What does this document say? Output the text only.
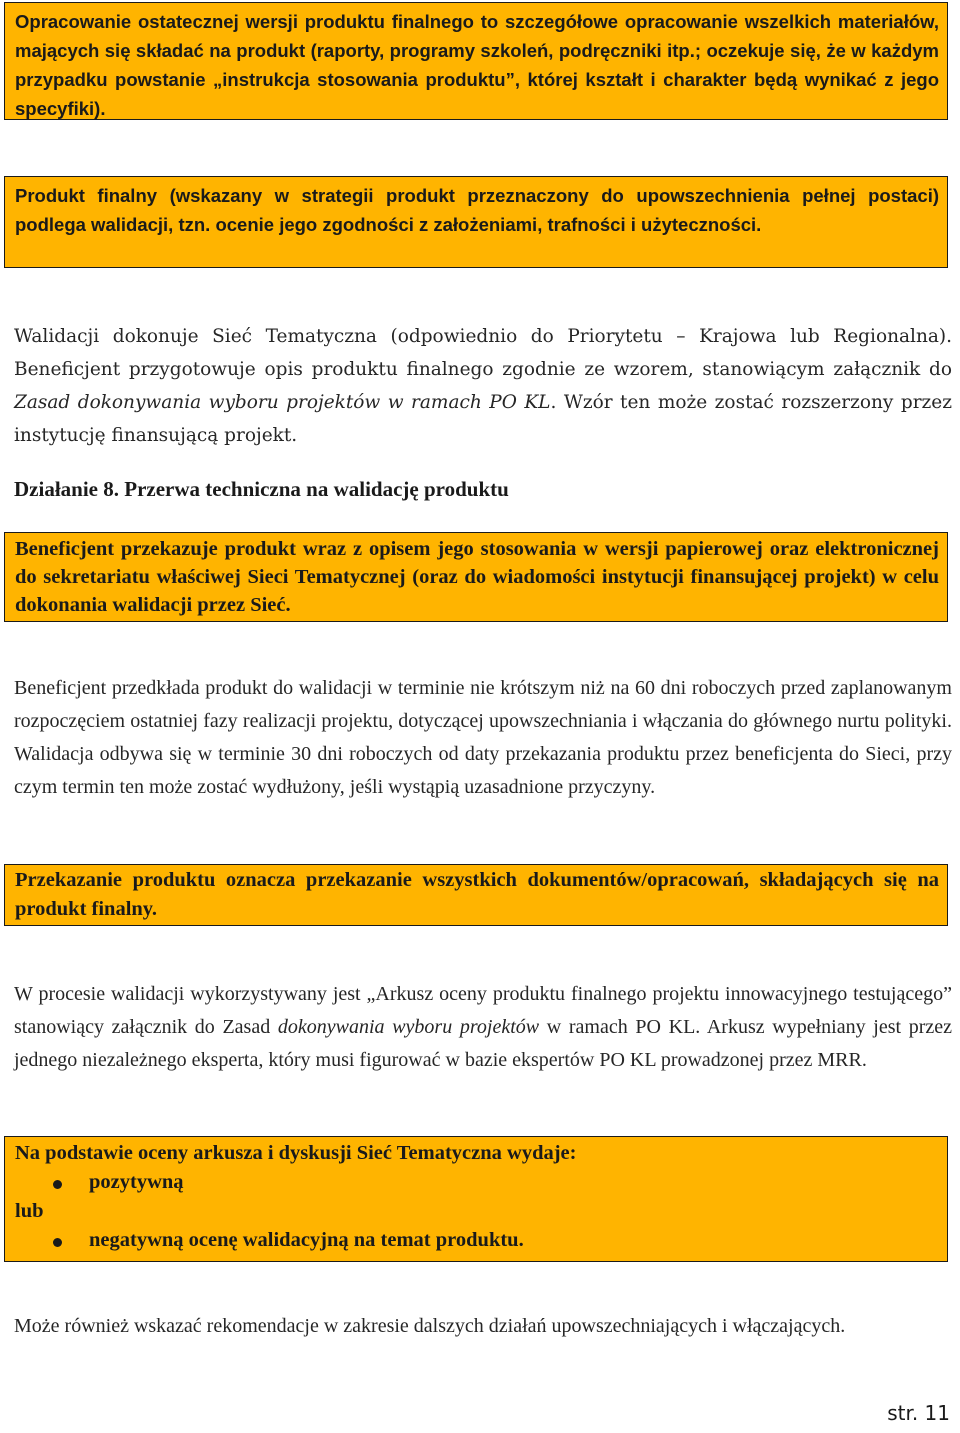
Opracowanie ostatecznej wersji produktu finalnego to szczegółowe opracowanie wszelkich materiałów, mających się składać na produkt (raporty, programy szkoleń, podręczniki itp.; oczekuje się, że w każdym przypadku powstanie „instrukcja stosowania produktu”, której kształt i charakter będą wynikać z jego specyfiki).
Produkt finalny (wskazany w strategii produkt przeznaczony do upowszechnienia pełnej postaci) podlega walidacji, tzn. ocenie jego zgodności z założeniami, trafności i użyteczności.
Walidacji dokonuje Sieć Tematyczna (odpowiednio do Priorytetu – Krajowa lub Regionalna). Beneficjent przygotowuje opis produktu finalnego zgodnie ze wzorem, stanowiącym załącznik do Zasad dokonywania wyboru projektów w ramach PO KL. Wzór ten może zostać rozszerzony przez instytucję finansującą projekt.
Działanie 8. Przerwa techniczna na walidację produktu
Beneficjent przekazuje produkt wraz z opisem jego stosowania w wersji papierowej oraz elektronicznej do sekretariatu właściwej Sieci Tematycznej (oraz do wiadomości instytucji finansującej projekt) w celu dokonania walidacji przez Sieć.
Beneficjent przedkłada produkt do walidacji w terminie nie krótszym niż na 60 dni roboczych przed zaplanowanym rozpoczęciem ostatniej fazy realizacji projektu, dotyczącej upowszechniania i włączania do głównego nurtu polityki. Walidacja odbywa się w terminie 30 dni roboczych od daty przekazania produktu przez beneficjenta do Sieci, przy czym termin ten może zostać wydłużony, jeśli wystąpią uzasadnione przyczyny.
Przekazanie produktu oznacza przekazanie wszystkich dokumentów/opracowań, składających się na produkt finalny.
W procesie walidacji wykorzystywany jest „Arkusz oceny produktu finalnego projektu innowacyjnego testującego” stanowiący załącznik do Zasad dokonywania wyboru projektów w ramach PO KL. Arkusz wypełniany jest przez jednego niezależnego eksperta, który musi figurować w bazie ekspertów PO KL prowadzonej przez MRR.
Na podstawie oceny arkusza i dyskusji Sieć Tematyczna wydaje:
pozytywną
lub
negatywną ocenę walidacyjną na temat produktu.
Może również wskazać rekomendacje w zakresie dalszych działań upowszechniających i włączających.
str. 11
